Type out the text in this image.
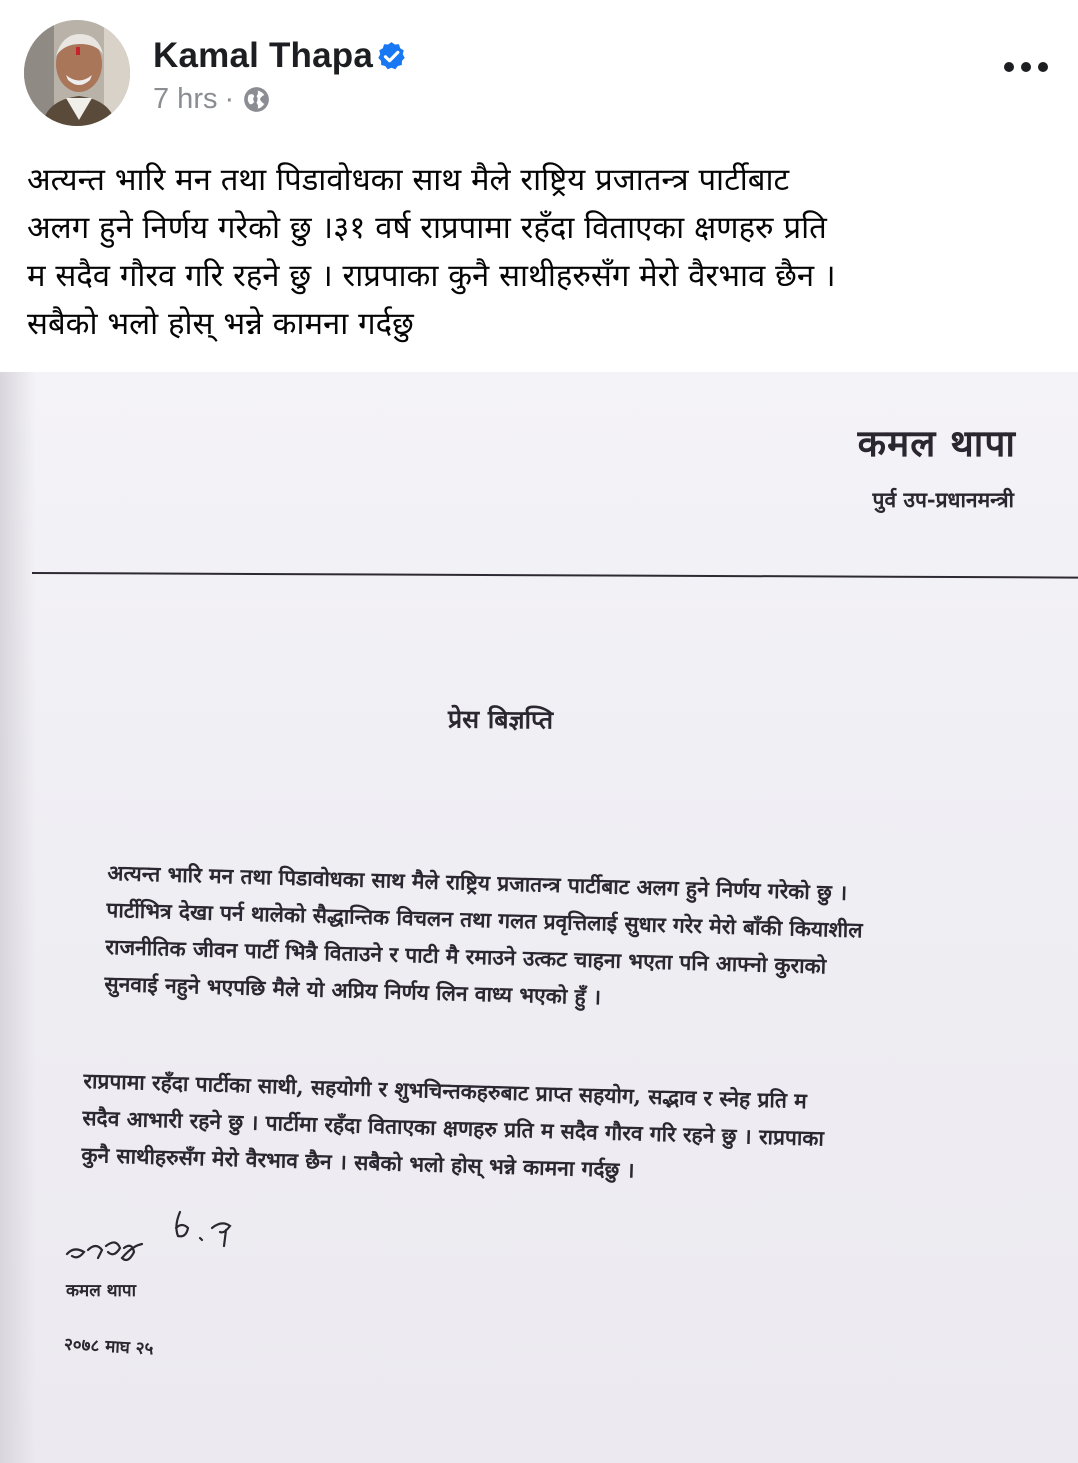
Kamal Thapa
7 hrs ·
अत्यन्त भारि मन तथा पिडावोधका साथ मैले राष्ट्रिय प्रजातन्त्र पार्टीबाट
अलग हुने निर्णय गरेको छु ।३१ वर्ष राप्रपामा रहँदा विताएका क्षणहरु प्रति
म सदैव गौरव गरि रहने छु । राप्रपाका कुनै साथीहरुसँग मेरो वैरभाव छैन ।
सबैको भलो होस् भन्ने कामना गर्दछु
कमल थापा
पुर्व उप-प्रधानमन्त्री
प्रेस बिज्ञप्ति
अत्यन्त भारि मन तथा पिडावोधका साथ मैले राष्ट्रिय प्रजातन्त्र पार्टीबाट अलग हुने निर्णय गरेको छु ।
पार्टीभित्र देखा पर्न थालेको सैद्धान्तिक विचलन तथा गलत प्रवृत्तिलाई सुधार गरेर मेरो बाँकी कियाशील
राजनीतिक जीवन पार्टी भित्रै विताउने र पाटी मै रमाउने उत्कट चाहना भएता पनि आफ्नो कुराको
सुनवाई नहुने भएपछि मैले यो अप्रिय निर्णय लिन वाध्य भएको हुँ ।
राप्रपामा रहँदा पार्टीका साथी, सहयोगी र शुभचिन्तकहरुबाट प्राप्त सहयोग, सद्भाव र स्नेह प्रति म
सदैव आभारी रहने छु । पार्टीमा रहँदा विताएका क्षणहरु प्रति म सदैव गौरव गरि रहने छु । राप्रपाका
कुनै साथीहरुसँग मेरो वैरभाव छैन । सबैको भलो होस् भन्ने कामना गर्दछु ।
कमल थापा
२०७८ माघ २५
